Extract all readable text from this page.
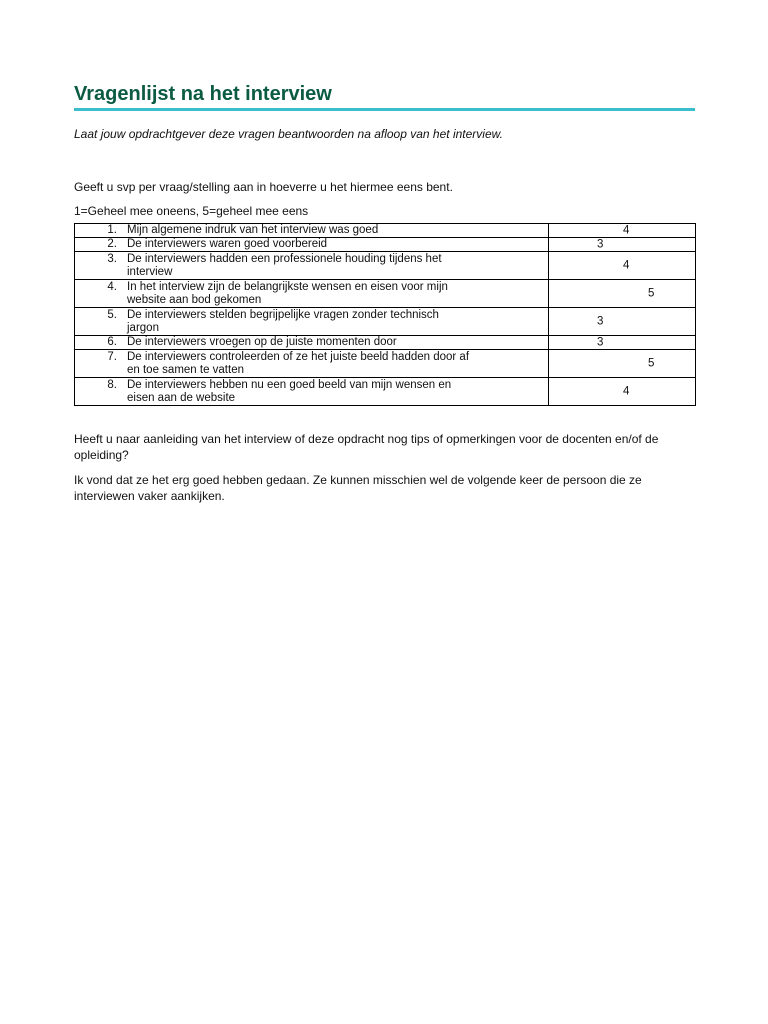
Vragenlijst na het interview
Laat jouw opdrachtgever deze vragen beantwoorden na afloop van het interview.
Geeft u svp per vraag/stelling aan in hoeverre u het hiermee eens bent.
1=Geheel mee oneens, 5=geheel mee eens
1. Mijn algemene indruk van het interview was goed	4

2. De interviewers waren goed voorbereid	3

3. De interviewers hadden een professionele houding tijdens het
interview	4

4. In het interview zijn de belangrijkste wensen en eisen voor mijn
website aan bod gekomen	5

5. De interviewers stelden begrijpelijke vragen zonder technisch
jargon	3

6. De interviewers vroegen op de juiste momenten door	3

7. De interviewers controleerden of ze het juiste beeld hadden door af
en toe samen te vatten	5

8. De interviewers hebben nu een goed beeld van mijn wensen en
eisen aan de website	4
Heeft u naar aanleiding van het interview of deze opdracht nog tips of opmerkingen voor de docenten en/of de opleiding?
Ik vond dat ze het erg goed hebben gedaan. Ze kunnen misschien wel de volgende keer de persoon die ze interviewen vaker aankijken.
